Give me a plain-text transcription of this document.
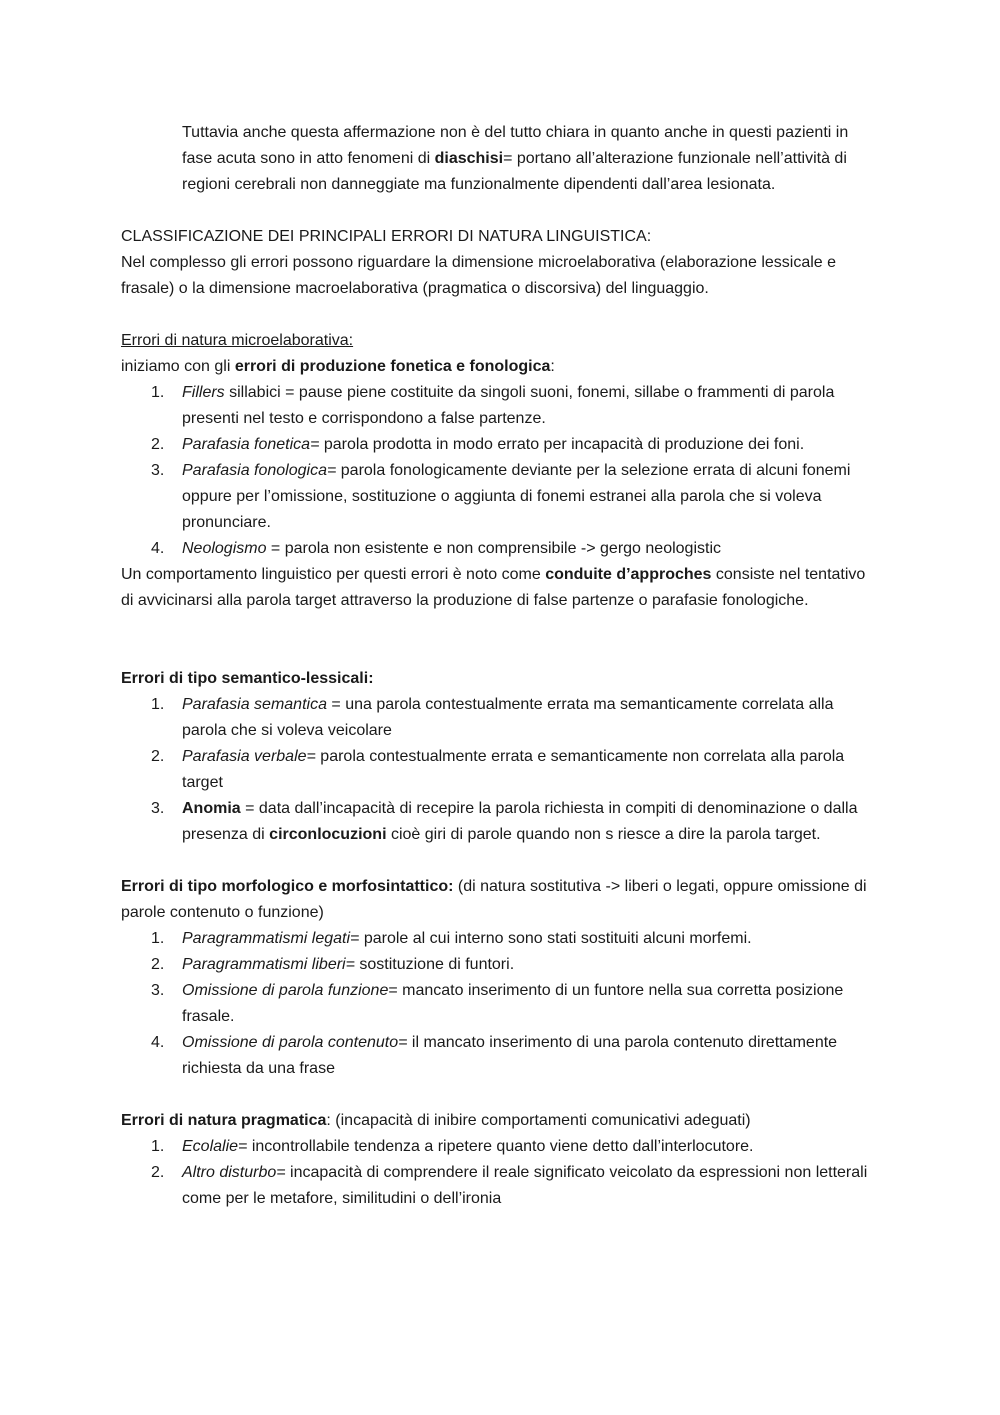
Tuttavia anche questa affermazione non è del tutto chiara in quanto anche in questi pazienti in fase acuta sono in atto fenomeni di diaschisi= portano all’alterazione funzionale nell’attività di regioni cerebrali non danneggiate ma funzionalmente dipendenti dall’area lesionata.

CLASSIFICAZIONE DEI PRINCIPALI ERRORI DI NATURA LINGUISTICA:

Nel complesso gli errori possono riguardare la dimensione microelaborativa (elaborazione lessicale e frasale) o la dimensione macroelaborativa (pragmatica o discorsiva) del linguaggio.

Errori di natura microelaborativa:

iniziamo con gli errori di produzione fonetica e fonologica:

1. Fillers sillabici = pause piene costituite da singoli suoni, fonemi, sillabe o frammenti di parola presenti nel testo e corrispondono a false partenze.
2. Parafasia fonetica= parola prodotta in modo errato per incapacità di produzione dei foni.
3. Parafasia fonologica= parola fonologicamente deviante per la selezione errata di alcuni fonemi oppure per l’omissione, sostituzione o aggiunta di fonemi estranei alla parola che si voleva pronunciare.
4. Neologismo = parola non esistente e non comprensibile -> gergo neologistic

Un comportamento linguistico per questi errori è noto come conduite d’approches consiste nel tentativo di avvicinarsi alla parola target attraverso la produzione di false partenze o parafasie fonologiche.

Errori di tipo semantico-lessicali:

1. Parafasia semantica = una parola contestualmente errata ma semanticamente correlata alla parola che si voleva veicolare
2. Parafasia verbale= parola contestualmente errata e semanticamente non correlata alla parola target
3. Anomia = data dall’incapacità di recepire la parola richiesta in compiti di denominazione o dalla presenza di circonlocuzioni cioè giri di parole quando non s riesce a dire la parola target.

Errori di tipo morfologico e morfosintattico: (di natura sostitutiva -> liberi o legati, oppure omissione di parole contenuto o funzione)

1. Paragrammatismi legati= parole al cui interno sono stati sostituiti alcuni morfemi.
2. Paragrammatismi liberi= sostituzione di funtori.
3. Omissione di parola funzione= mancato inserimento di un funtore nella sua corretta posizione frasale.
4. Omissione di parola contenuto= il mancato inserimento di una parola contenuto direttamente richiesta da una frase

Errori di natura pragmatica: (incapacità di inibire comportamenti comunicativi adeguati)

1. Ecolalie= incontrollabile tendenza a ripetere quanto viene detto dall’interlocutore.
2. Altro disturbo= incapacità di comprendere il reale significato veicolato da espressioni non letterali come per le metafore, similitudini o dell’ironia
